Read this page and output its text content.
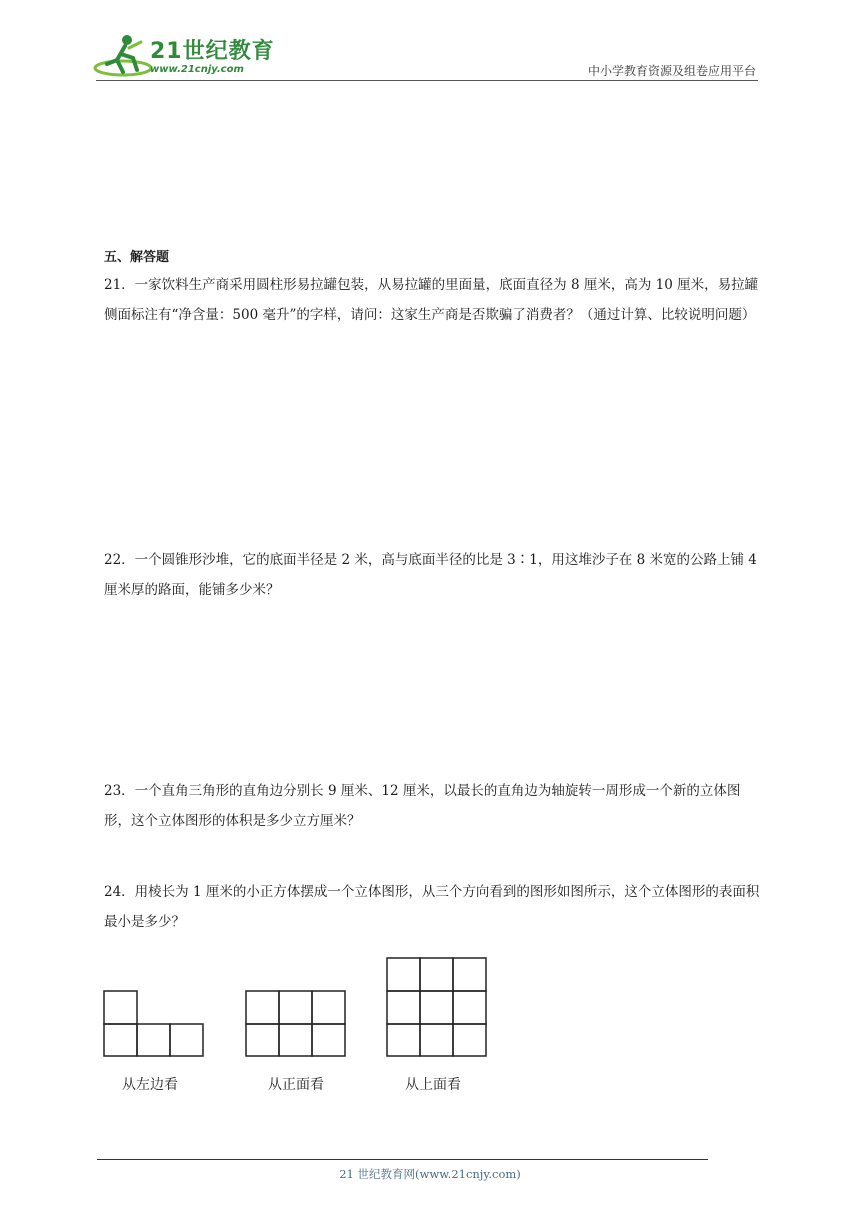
21世纪教育
www.21cnjy.com	中小学教育资源及组卷应用平台
五、解答题
21．一家饮料生产商采用圆柱形易拉罐包装，从易拉罐的里面量，底面直径为 8 厘米，高为 10 厘米，易拉罐侧面标注有“净含量：500 毫升”的字样，请问：这家生产商是否欺骗了消费者？（通过计算、比较说明问题）
22．一个圆锥形沙堆，它的底面半径是 2 米，高与底面半径的比是 3∶1，用这堆沙子在 8 米宽的公路上铺 4 厘米厚的路面，能铺多少米？
23．一个直角三角形的直角边分别长 9 厘米、12 厘米，以最长的直角边为轴旋转一周形成一个新的立体图形，这个立体图形的体积是多少立方厘米？
24．用棱长为 1 厘米的小正方体摆成一个立体图形，从三个方向看到的图形如图所示，这个立体图形的表面积最小是多少？
从左边看	从正面看	从上面看
21 世纪教育网(www.21cnjy.com)
